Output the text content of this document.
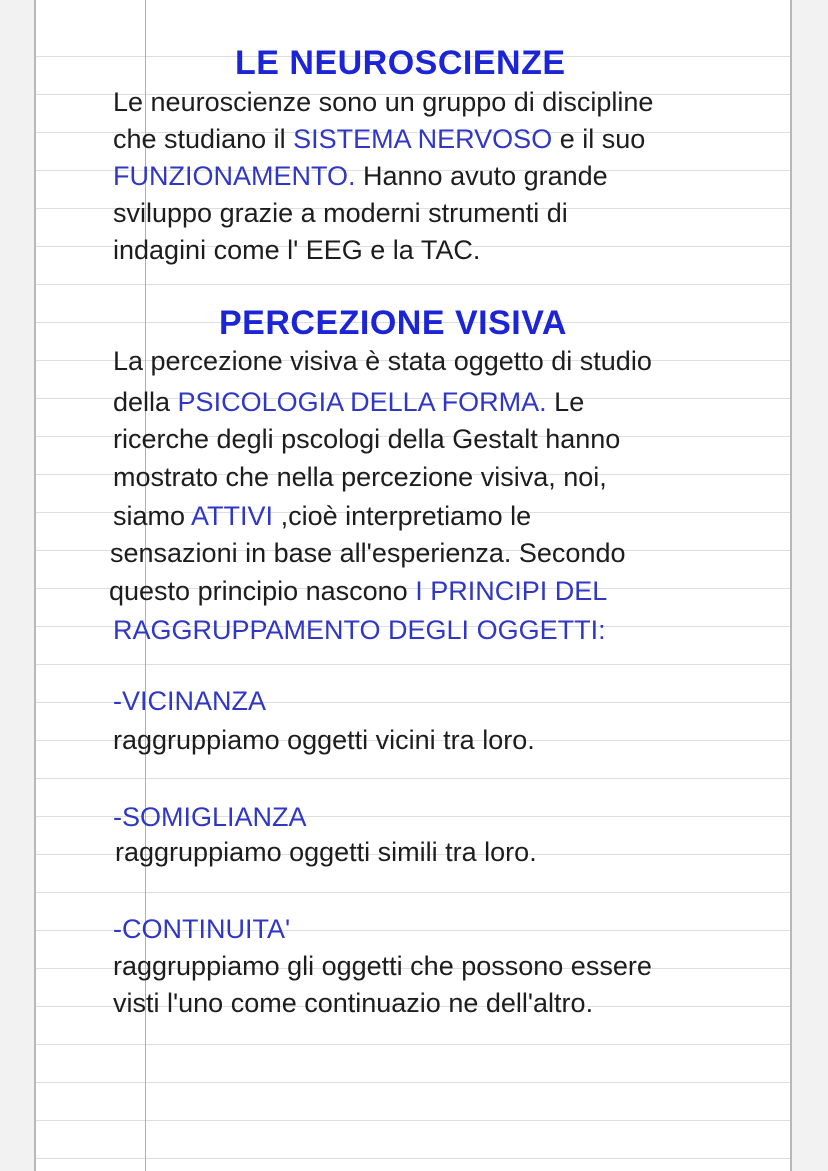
LE NEUROSCIENZE
Le neuroscienze sono un gruppo di discipline
che studiano il SISTEMA NERVOSO e il suo
FUNZIONAMENTO. Hanno avuto grande
sviluppo grazie a moderni strumenti di
indagini come l' EEG e la TAC.
PERCEZIONE VISIVA
La percezione visiva è stata oggetto di studio
della PSICOLOGIA DELLA FORMA. Le
ricerche degli pscologi della Gestalt hanno
mostrato che nella percezione visiva, noi,
siamo ATTIVI ,cioè interpretiamo le
sensazioni in base all'esperienza. Secondo
questo principio nascono I PRINCIPI DEL
RAGGRUPPAMENTO DEGLI OGGETTI:
-VICINANZA
raggruppiamo oggetti vicini tra loro.
-SOMIGLIANZA
raggruppiamo oggetti simili tra loro.
-CONTINUITA'
raggruppiamo gli oggetti che possono essere
visti l'uno come continuazio ne dell'altro.
